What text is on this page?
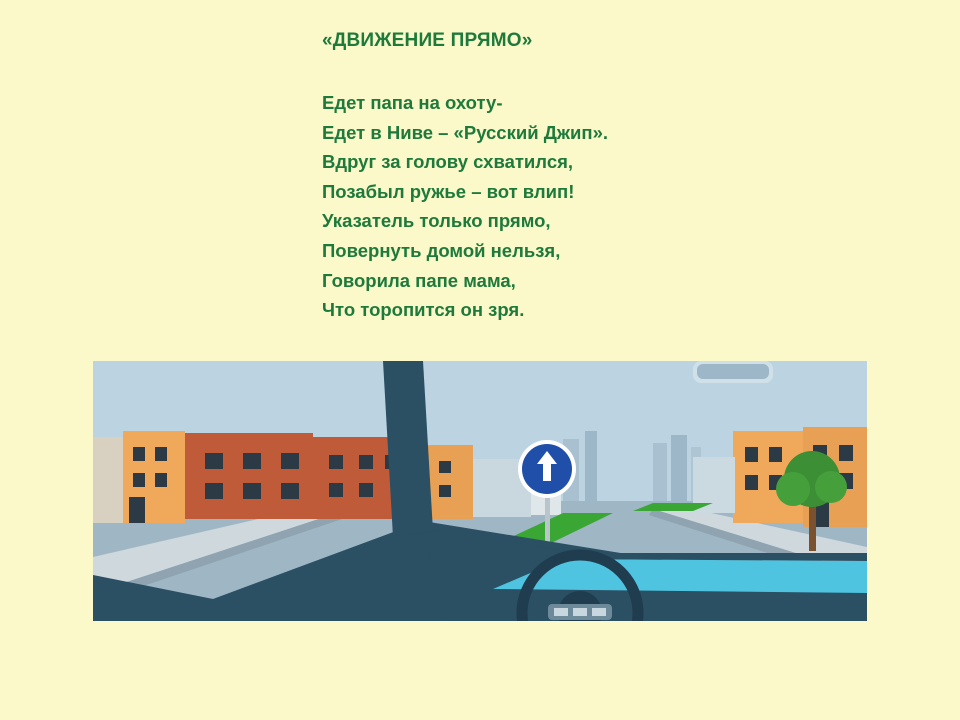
«ДВИЖЕНИЕ ПРЯМО»
Едет папа на охоту-
Едет в Ниве – «Русский Джип».
Вдруг за голову схватился,
Позабыл ружье – вот влип!
Указатель только прямо,
Повернуть домой нельзя,
Говорила папе мама,
Что торопится он зря.
